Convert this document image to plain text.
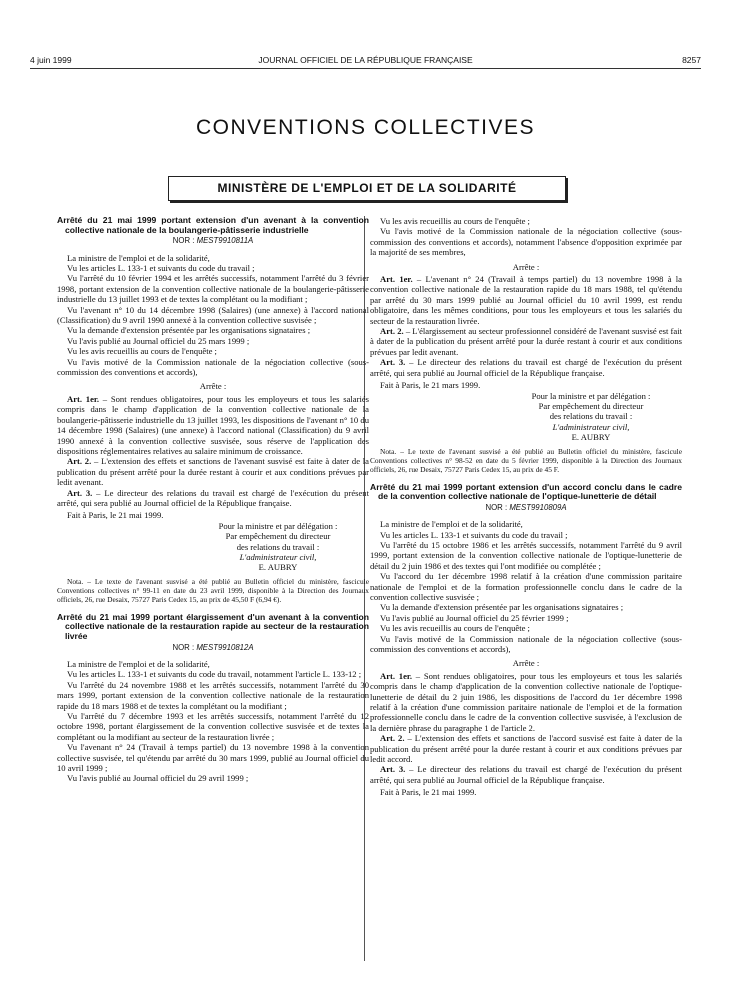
4 juin 1999	JOURNAL OFFICIEL DE LA RÉPUBLIQUE FRANÇAISE	8257
CONVENTIONS COLLECTIVES
MINISTÈRE DE L'EMPLOI ET DE LA SOLIDARITÉ

Arrêté du 21 mai 1999 portant extension d'un avenant à la convention collective nationale de la boulangerie-pâtisserie industrielle

NOR : MEST9910811A

La ministre de l'emploi et de la solidarité,

Vu les articles L. 133-1 et suivants du code du travail ;

Vu l'arrêté du 10 février 1994 et les arrêtés successifs, notamment l'arrêté du 3 février 1998, portant extension de la convention collective nationale de la boulangerie-pâtisserie industrielle du 13 juillet 1993 et de textes la complétant ou la modifiant ;

Vu l'avenant n° 10 du 14 décembre 1998 (Salaires) (une annexe) à l'accord national (Classification) du 9 avril 1990 annexé à la convention collective susvisée ;

Vu la demande d'extension présentée par les organisations signataires ;

Vu l'avis publié au Journal officiel du 25 mars 1999 ;

Vu les avis recueillis au cours de l'enquête ;

Vu l'avis motivé de la Commission nationale de la négociation collective (sous-commission des conventions et accords),

Arrête :

Art. 1er. – Sont rendues obligatoires, pour tous les employeurs et tous les salariés compris dans le champ d'application de la convention collective nationale de la boulangerie-pâtisserie industrielle du 13 juillet 1993, les dispositions de l'avenant n° 10 du 14 décembre 1998 (Salaires) (une annexe) à l'accord national (Classification) du 9 avril 1990 annexé à la convention collective susvisée, sous réserve de l'application des dispositions réglementaires relatives au salaire minimum de croissance.

Art. 2. – L'extension des effets et sanctions de l'avenant susvisé est faite à dater de la publication du présent arrêté pour la durée restant à courir et aux conditions prévues par ledit avenant.

Art. 3. – Le directeur des relations du travail est chargé de l'exécution du présent arrêté, qui sera publié au Journal officiel de la République française.

Fait à Paris, le 21 mai 1999.

Pour la ministre et par délégation :

Par empêchement du directeur

des relations du travail :

L'administrateur civil,

E. AUBRY

Nota. – Le texte de l'avenant susvisé a été publié au Bulletin officiel du ministère, fascicule Conventions collectives n° 99-11 en date du 23 avril 1999, disponible à la Direction des Journaux officiels, 26, rue Desaix, 75727 Paris Cedex 15, au prix de 45,50 F (6,94 €).

Arrêté du 21 mai 1999 portant élargissement d'un avenant à la convention collective nationale de la restauration rapide au secteur de la restauration livrée

NOR : MEST9910812A

La ministre de l'emploi et de la solidarité,

Vu les articles L. 133-1 et suivants du code du travail, notamment l'article L. 133-12 ;

Vu l'arrêté du 24 novembre 1988 et les arrêtés successifs, notamment l'arrêté du 30 mars 1999, portant extension de la convention collective nationale de la restauration rapide du 18 mars 1988 et de textes la complétant ou la modifiant ;

Vu l'arrêté du 7 décembre 1993 et les arrêtés successifs, notamment l'arrêté du 12 octobre 1998, portant élargissement de la convention collective susvisée et de textes la complétant ou la modifiant au secteur de la restauration livrée ;

Vu l'avenant n° 24 (Travail à temps partiel) du 13 novembre 1998 à la convention collective susvisée, tel qu'étendu par arrêté du 30 mars 1999, publié au Journal officiel du 10 avril 1999 ;

Vu l'avis publié au Journal officiel du 29 avril 1999 ;

Vu les avis recueillis au cours de l'enquête ;

Vu l'avis motivé de la Commission nationale de la négociation collective (sous-commission des conventions et accords), notamment l'absence d'opposition exprimée par la majorité de ses membres,

Arrête :

Art. 1er. – L'avenant n° 24 (Travail à temps partiel) du 13 novembre 1998 à la convention collective nationale de la restauration rapide du 18 mars 1988, tel qu'étendu par arrêté du 30 mars 1999 publié au Journal officiel du 10 avril 1999, est rendu obligatoire, dans les mêmes conditions, pour tous les employeurs et tous les salariés du secteur de la restauration livrée.

Art. 2. – L'élargissement au secteur professionnel considéré de l'avenant susvisé est fait à dater de la publication du présent arrêté pour la durée restant à courir et aux conditions prévues par ledit avenant.

Art. 3. – Le directeur des relations du travail est chargé de l'exécution du présent arrêté, qui sera publié au Journal officiel de la République française.

Fait à Paris, le 21 mars 1999.

Pour la ministre et par délégation :

Par empêchement du directeur

des relations du travail :

L'administrateur civil,

E. AUBRY

Nota. – Le texte de l'avenant susvisé a été publié au Bulletin officiel du ministère, fascicule Conventions collectives n° 98-52 en date du 5 février 1999, disponible à la Direction des Journaux officiels, 26, rue Desaix, 75727 Paris Cedex 15, au prix de 45 F.

Arrêté du 21 mai 1999 portant extension d'un accord conclu dans le cadre de la convention collective nationale de l'optique-lunetterie de détail

NOR : MEST9910809A

La ministre de l'emploi et de la solidarité,

Vu les articles L. 133-1 et suivants du code du travail ;

Vu l'arrêté du 15 octobre 1986 et les arrêtés successifs, notamment l'arrêté du 9 avril 1999, portant extension de la convention collective nationale de l'optique-lunetterie de détail du 2 juin 1986 et des textes qui l'ont modifiée ou complétée ;

Vu l'accord du 1er décembre 1998 relatif à la création d'une commission paritaire nationale de l'emploi et de la formation professionnelle conclu dans le cadre de la convention collective susvisée ;

Vu la demande d'extension présentée par les organisations signataires ;

Vu l'avis publié au Journal officiel du 25 février 1999 ;

Vu les avis recueillis au cours de l'enquête ;

Vu l'avis motivé de la Commission nationale de la négociation collective (sous-commission des conventions et accords),

Arrête :

Art. 1er. – Sont rendues obligatoires, pour tous les employeurs et tous les salariés compris dans le champ d'application de la convention collective nationale de l'optique-lunetterie de détail du 2 juin 1986, les dispositions de l'accord du 1er décembre 1998 relatif à la création d'une commission paritaire nationale de l'emploi et de la formation professionnelle conclu dans le cadre de la convention collective susvisée, à l'exclusion de la dernière phrase du paragraphe 1 de l'article 2.

Art. 2. – L'extension des effets et sanctions de l'accord susvisé est faite à dater de la publication du présent arrêté pour la durée restant à courir et aux conditions prévues par ledit accord.

Art. 3. – Le directeur des relations du travail est chargé de l'exécution du présent arrêté, qui sera publié au Journal officiel de la République française.

Fait à Paris, le 21 mai 1999.
